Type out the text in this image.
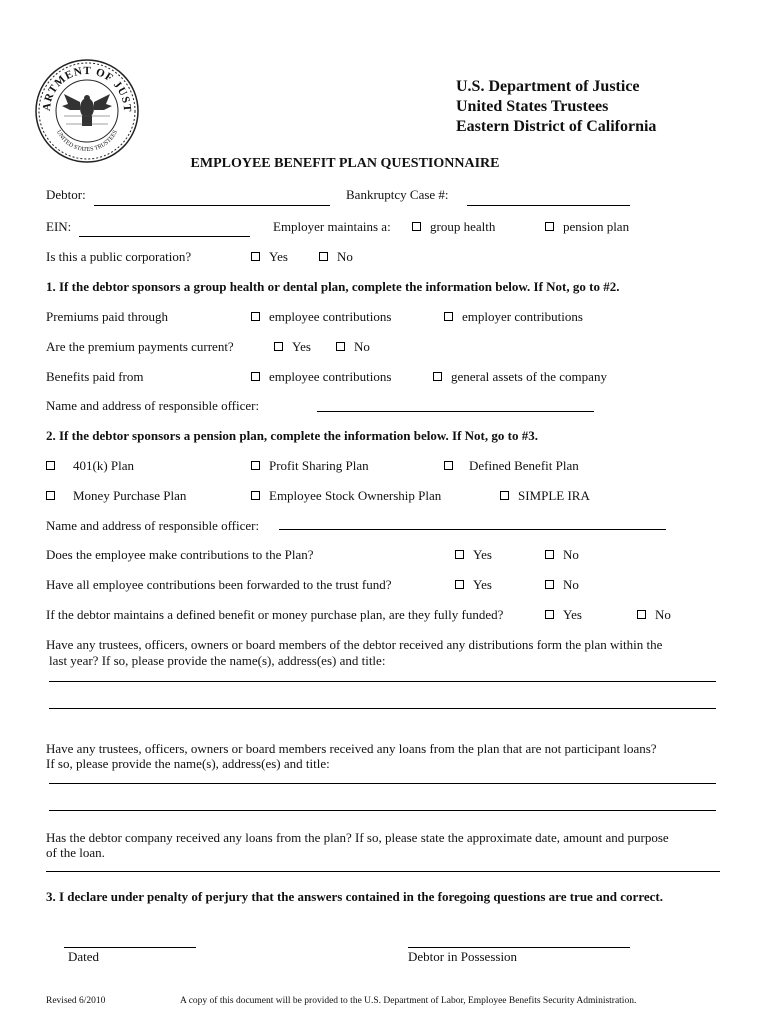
ARTMENT OF JUST
UNITED STATES TRUSTEES
U.S. Department of Justice
United States Trustees
Eastern District of California
EMPLOYEE BENEFIT PLAN QUESTIONNAIRE
Debtor:	Bankruptcy Case #:
EIN:	Employer maintains a:	group health	pension plan
Is this a public corporation?	Yes	No
1. If the debtor sponsors a group health or dental plan, complete the information below. If Not, go to #2.
Premiums paid through	employee contributions	employer contributions
Are the premium payments current?	Yes	No
Benefits paid from	employee contributions	general assets of the company
Name and address of responsible officer:
2. If the debtor sponsors a pension plan, complete the information below. If Not, go to #3.
401(k) Plan	Profit Sharing Plan	Defined Benefit Plan
Money Purchase Plan	Employee Stock Ownership Plan	SIMPLE IRA
Name and address of responsible officer:
Does the employee make contributions to the Plan?	Yes	No
Have all employee contributions been forwarded to the trust fund?	Yes	No
If the debtor maintains a defined benefit or money purchase plan, are they fully funded?	Yes	No
Have any trustees, officers, owners or board members of the debtor received any distributions form the plan within the
last year? If so, please provide the name(s), address(es) and title:
Have any trustees, officers, owners or board members received any loans from the plan that are not participant loans?
If so, please provide the name(s), address(es) and title:
Has the debtor company received any loans from the plan? If so, please state the approximate date, amount and purpose
of the loan.
3. I declare under penalty of perjury that the answers contained in the foregoing questions are true and correct.
Dated	Debtor in Possession
Revised 6/2010	A copy of this document will be provided to the U.S. Department of Labor, Employee Benefits Security Administration.
